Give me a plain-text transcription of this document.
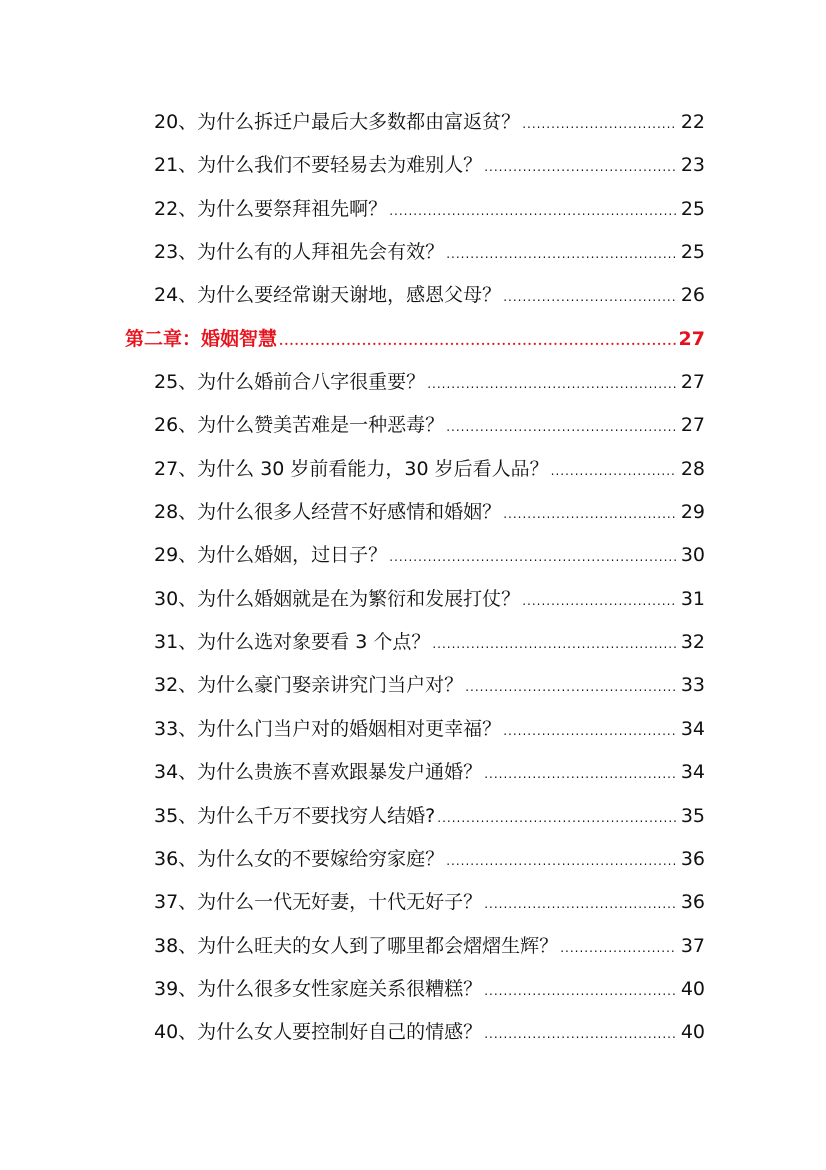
20、为什么拆迁户最后大多数都由富返贫？ .....	22
21、为什么我们不要轻易去为难别人？ .....	23
22、为什么要祭拜祖先啊？ .....	25
23、为什么有的人拜祖先会有效？ .....	25
24、为什么要经常谢天谢地，感恩父母？ .....	26
第二章：婚姻智慧 .....	27
25、为什么婚前合八字很重要？ .....	27
26、为什么赞美苦难是一种恶毒？ .....	27
27、为什么 30 岁前看能力，30 岁后看人品？ .....	28
28、为什么很多人经营不好感情和婚姻？ .....	29
29、为什么婚姻，过日子？ .....	30
30、为什么婚姻就是在为繁衍和发展打仗？ .....	31
31、为什么选对象要看 3 个点？ .....	32
32、为什么豪门娶亲讲究门当户对？ .....	33
33、为什么门当户对的婚姻相对更幸福？ .....	34
34、为什么贵族不喜欢跟暴发户通婚？ .....	34
35、为什么千万不要找穷人结婚? .....	35
36、为什么女的不要嫁给穷家庭？ .....	36
37、为什么一代无好妻，十代无好子？ .....	36
38、为什么旺夫的女人到了哪里都会熠熠生辉？ .....	37
39、为什么很多女性家庭关系很糟糕？ .....	40
40、为什么女人要控制好自己的情感？ .....	40
